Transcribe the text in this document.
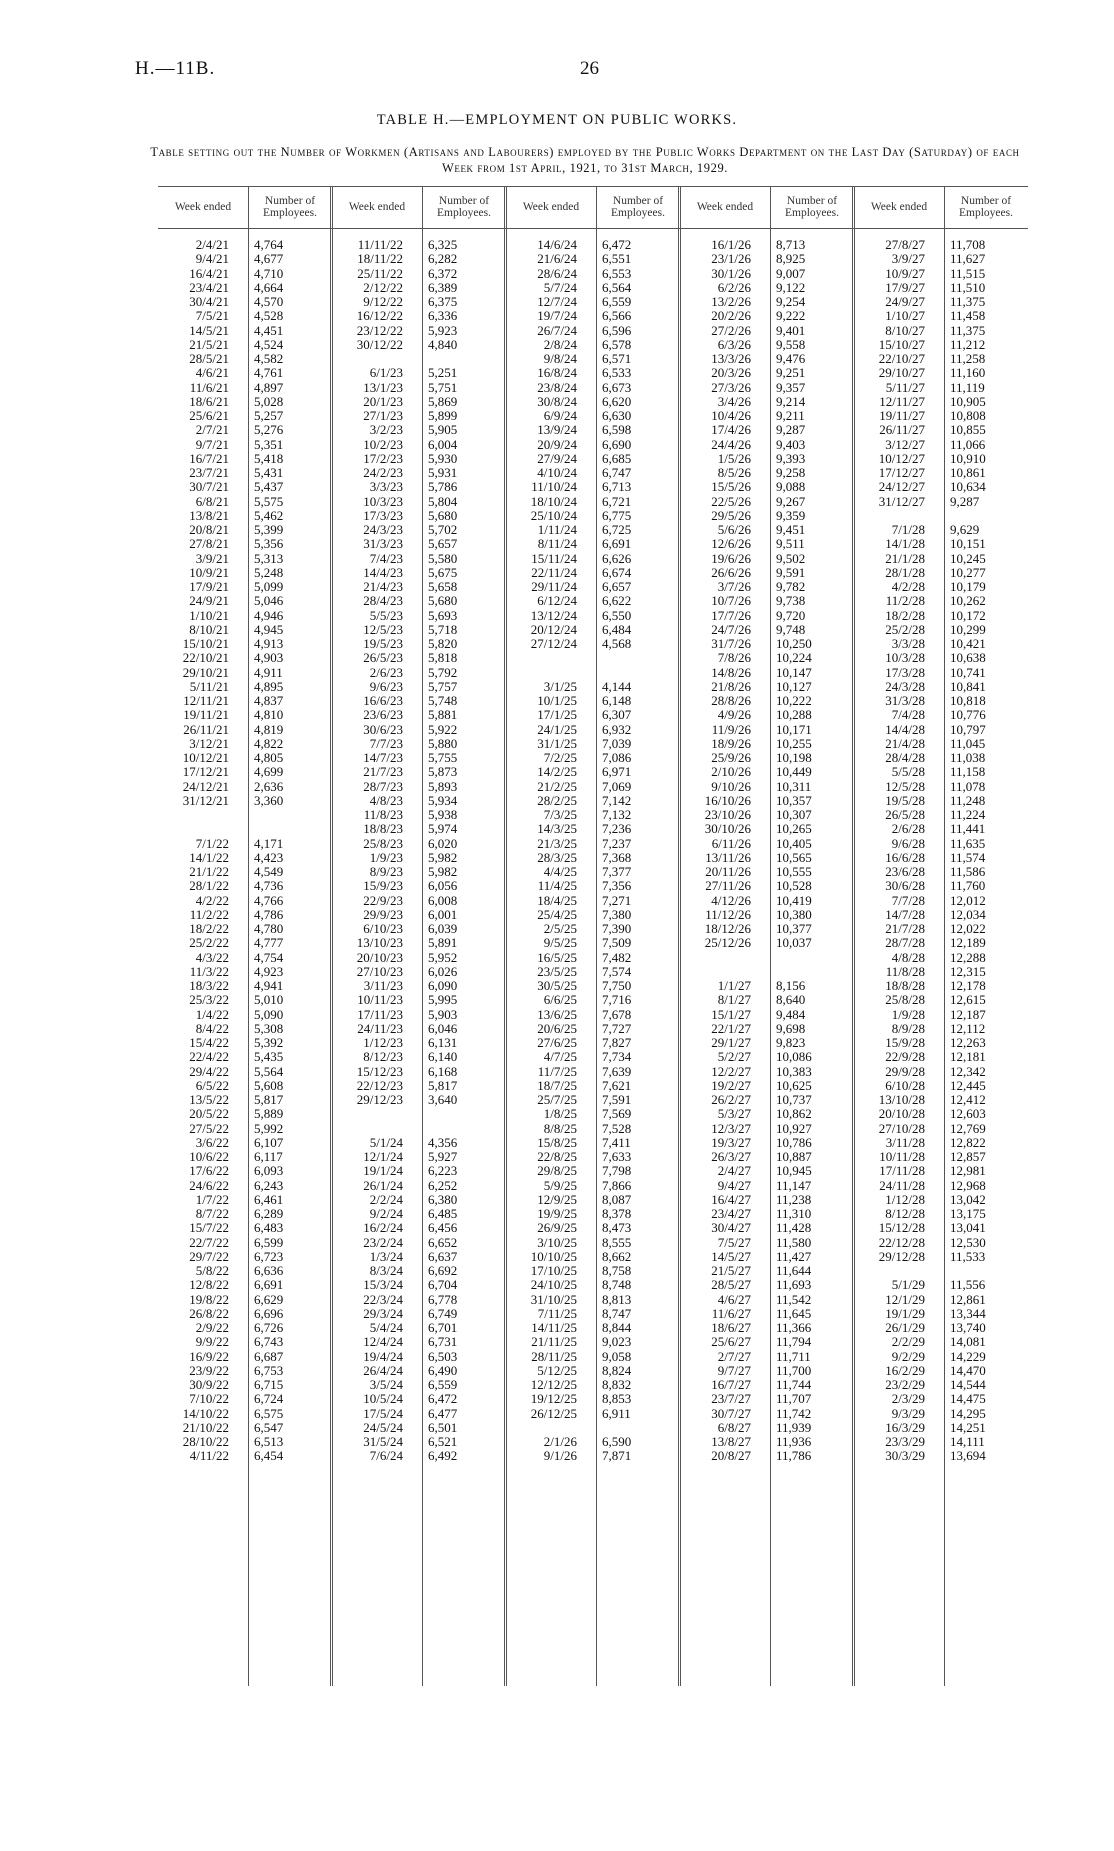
H.—11B.	26
TABLE H.—EMPLOYMENT ON PUBLIC WORKS.
Table setting out the Number of Workmen (Artisans and Labourers) employed by the Public Works Department on the Last Day (Saturday) of each Week from 1st April, 1921, to 31st March, 1929.
Week ended	Number of Employees.
2/4/21 4,764
9/4/21 4,677
16/4/21 4,710
23/4/21 4,664
30/4/21 4,570
7/5/21 4,528
14/5/21 4,451
21/5/21 4,524
28/5/21 4,582
4/6/21 4,761
11/6/21 4,897
18/6/21 5,028
25/6/21 5,257
2/7/21 5,276
9/7/21 5,351
16/7/21 5,418
23/7/21 5,431
30/7/21 5,437
6/8/21 5,575
13/8/21 5,462
20/8/21 5,399
27/8/21 5,356
3/9/21 5,313
10/9/21 5,248
17/9/21 5,099
24/9/21 5,046
1/10/21 4,946
8/10/21 4,945
15/10/21 4,913
22/10/21 4,903
29/10/21 4,911
5/11/21 4,895
12/11/21 4,837
19/11/21 4,810
26/11/21 4,819
3/12/21 4,822
10/12/21 4,805
17/12/21 4,699
24/12/21 2,636
31/12/21 3,360
7/1/22 4,171
14/1/22 4,423
21/1/22 4,549
28/1/22 4,736
4/2/22 4,766
11/2/22 4,786
18/2/22 4,780
25/2/22 4,777
4/3/22 4,754
11/3/22 4,923
18/3/22 4,941
25/3/22 5,010
1/4/22 5,090
8/4/22 5,308
15/4/22 5,392
22/4/22 5,435
29/4/22 5,564
6/5/22 5,608
13/5/22 5,817
20/5/22 5,889
27/5/22 5,992
3/6/22 6,107
10/6/22 6,117
17/6/22 6,093
24/6/22 6,243
1/7/22 6,461
8/7/22 6,289
15/7/22 6,483
22/7/22 6,599
29/7/22 6,723
5/8/22 6,636
12/8/22 6,691
19/8/22 6,629
26/8/22 6,696
2/9/22 6,726
9/9/22 6,743
16/9/22 6,687
23/9/22 6,753
30/9/22 6,715
7/10/22 6,724
14/10/22 6,575
21/10/22 6,547
28/10/22 6,513
4/11/22 6,454
Week ended	Number of Employees.
11/11/22 6,325
18/11/22 6,282
25/11/22 6,372
2/12/22 6,389
9/12/22 6,375
16/12/22 6,336
23/12/22 5,923
30/12/22 4,840
6/1/23 5,251
13/1/23 5,751
20/1/23 5,869
27/1/23 5,899
3/2/23 5,905
10/2/23 6,004
17/2/23 5,930
24/2/23 5,931
3/3/23 5,786
10/3/23 5,804
17/3/23 5,680
24/3/23 5,702
31/3/23 5,657
7/4/23 5,580
14/4/23 5,675
21/4/23 5,658
28/4/23 5,680
5/5/23 5,693
12/5/23 5,718
19/5/23 5,820
26/5/23 5,818
2/6/23 5,792
9/6/23 5,757
16/6/23 5,748
23/6/23 5,881
30/6/23 5,922
7/7/23 5,880
14/7/23 5,755
21/7/23 5,873
28/7/23 5,893
4/8/23 5,934
11/8/23 5,938
18/8/23 5,974
25/8/23 6,020
1/9/23 5,982
8/9/23 5,982
15/9/23 6,056
22/9/23 6,008
29/9/23 6,001
6/10/23 6,039
13/10/23 5,891
20/10/23 5,952
27/10/23 6,026
3/11/23 6,090
10/11/23 5,995
17/11/23 5,903
24/11/23 6,046
1/12/23 6,131
8/12/23 6,140
15/12/23 6,168
22/12/23 5,817
29/12/23 3,640
5/1/24 4,356
12/1/24 5,927
19/1/24 6,223
26/1/24 6,252
2/2/24 6,380
9/2/24 6,485
16/2/24 6,456
23/2/24 6,652
1/3/24 6,637
8/3/24 6,692
15/3/24 6,704
22/3/24 6,778
29/3/24 6,749
5/4/24 6,701
12/4/24 6,731
19/4/24 6,503
26/4/24 6,490
3/5/24 6,559
10/5/24 6,472
17/5/24 6,477
24/5/24 6,501
31/5/24 6,521
7/6/24 6,492
Week ended	Number of Employees.
14/6/24 6,472
21/6/24 6,551
28/6/24 6,553
5/7/24 6,564
12/7/24 6,559
19/7/24 6,566
26/7/24 6,596
2/8/24 6,578
9/8/24 6,571
16/8/24 6,533
23/8/24 6,673
30/8/24 6,620
6/9/24 6,630
13/9/24 6,598
20/9/24 6,690
27/9/24 6,685
4/10/24 6,747
11/10/24 6,713
18/10/24 6,721
25/10/24 6,775
1/11/24 6,725
8/11/24 6,691
15/11/24 6,626
22/11/24 6,674
29/11/24 6,657
6/12/24 6,622
13/12/24 6,550
20/12/24 6,484
27/12/24 4,568
3/1/25 4,144
10/1/25 6,148
17/1/25 6,307
24/1/25 6,932
31/1/25 7,039
7/2/25 7,086
14/2/25 6,971
21/2/25 7,069
28/2/25 7,142
7/3/25 7,132
14/3/25 7,236
21/3/25 7,237
28/3/25 7,368
4/4/25 7,377
11/4/25 7,356
18/4/25 7,271
25/4/25 7,380
2/5/25 7,390
9/5/25 7,509
16/5/25 7,482
23/5/25 7,574
30/5/25 7,750
6/6/25 7,716
13/6/25 7,678
20/6/25 7,727
27/6/25 7,827
4/7/25 7,734
11/7/25 7,639
18/7/25 7,621
25/7/25 7,591
1/8/25 7,569
8/8/25 7,528
15/8/25 7,411
22/8/25 7,633
29/8/25 7,798
5/9/25 7,866
12/9/25 8,087
19/9/25 8,378
26/9/25 8,473
3/10/25 8,555
10/10/25 8,662
17/10/25 8,758
24/10/25 8,748
31/10/25 8,813
7/11/25 8,747
14/11/25 8,844
21/11/25 9,023
28/11/25 9,058
5/12/25 8,824
12/12/25 8,832
19/12/25 8,853
26/12/25 6,911
2/1/26 6,590
9/1/26 7,871
Week ended	Number of Employees.
16/1/26 8,713
23/1/26 8,925
30/1/26 9,007
6/2/26 9,122
13/2/26 9,254
20/2/26 9,222
27/2/26 9,401
6/3/26 9,558
13/3/26 9,476
20/3/26 9,251
27/3/26 9,357
3/4/26 9,214
10/4/26 9,211
17/4/26 9,287
24/4/26 9,403
1/5/26 9,393
8/5/26 9,258
15/5/26 9,088
22/5/26 9,267
29/5/26 9,359
5/6/26 9,451
12/6/26 9,511
19/6/26 9,502
26/6/26 9,591
3/7/26 9,782
10/7/26 9,738
17/7/26 9,720
24/7/26 9,748
31/7/26 10,250
7/8/26 10,224
14/8/26 10,147
21/8/26 10,127
28/8/26 10,222
4/9/26 10,288
11/9/26 10,171
18/9/26 10,255
25/9/26 10,198
2/10/26 10,449
9/10/26 10,311
16/10/26 10,357
23/10/26 10,307
30/10/26 10,265
6/11/26 10,405
13/11/26 10,565
20/11/26 10,555
27/11/26 10,528
4/12/26 10,419
11/12/26 10,380
18/12/26 10,377
25/12/26 10,037
1/1/27 8,156
8/1/27 8,640
15/1/27 9,484
22/1/27 9,698
29/1/27 9,823
5/2/27 10,086
12/2/27 10,383
19/2/27 10,625
26/2/27 10,737
5/3/27 10,862
12/3/27 10,927
19/3/27 10,786
26/3/27 10,887
2/4/27 10,945
9/4/27 11,147
16/4/27 11,238
23/4/27 11,310
30/4/27 11,428
7/5/27 11,580
14/5/27 11,427
21/5/27 11,644
28/5/27 11,693
4/6/27 11,542
11/6/27 11,645
18/6/27 11,366
25/6/27 11,794
2/7/27 11,711
9/7/27 11,700
16/7/27 11,744
23/7/27 11,707
30/7/27 11,742
6/8/27 11,939
13/8/27 11,936
20/8/27 11,786
Week ended	Number of Employees.
27/8/27 11,708
3/9/27 11,627
10/9/27 11,515
17/9/27 11,510
24/9/27 11,375
1/10/27 11,458
8/10/27 11,375
15/10/27 11,212
22/10/27 11,258
29/10/27 11,160
5/11/27 11,119
12/11/27 10,905
19/11/27 10,808
26/11/27 10,855
3/12/27 11,066
10/12/27 10,910
17/12/27 10,861
24/12/27 10,634
31/12/27 9,287
7/1/28 9,629
14/1/28 10,151
21/1/28 10,245
28/1/28 10,277
4/2/28 10,179
11/2/28 10,262
18/2/28 10,172
25/2/28 10,299
3/3/28 10,421
10/3/28 10,638
17/3/28 10,741
24/3/28 10,841
31/3/28 10,818
7/4/28 10,776
14/4/28 10,797
21/4/28 11,045
28/4/28 11,038
5/5/28 11,158
12/5/28 11,078
19/5/28 11,248
26/5/28 11,224
2/6/28 11,441
9/6/28 11,635
16/6/28 11,574
23/6/28 11,586
30/6/28 11,760
7/7/28 12,012
14/7/28 12,034
21/7/28 12,022
28/7/28 12,189
4/8/28 12,288
11/8/28 12,315
18/8/28 12,178
25/8/28 12,615
1/9/28 12,187
8/9/28 12,112
15/9/28 12,263
22/9/28 12,181
29/9/28 12,342
6/10/28 12,445
13/10/28 12,412
20/10/28 12,603
27/10/28 12,769
3/11/28 12,822
10/11/28 12,857
17/11/28 12,981
24/11/28 12,968
1/12/28 13,042
8/12/28 13,175
15/12/28 13,041
22/12/28 12,530
29/12/28 11,533
5/1/29 11,556
12/1/29 12,861
19/1/29 13,344
26/1/29 13,740
2/2/29 14,081
9/2/29 14,229
16/2/29 14,470
23/2/29 14,544
2/3/29 14,475
9/3/29 14,295
16/3/29 14,251
23/3/29 14,111
30/3/29 13,694
